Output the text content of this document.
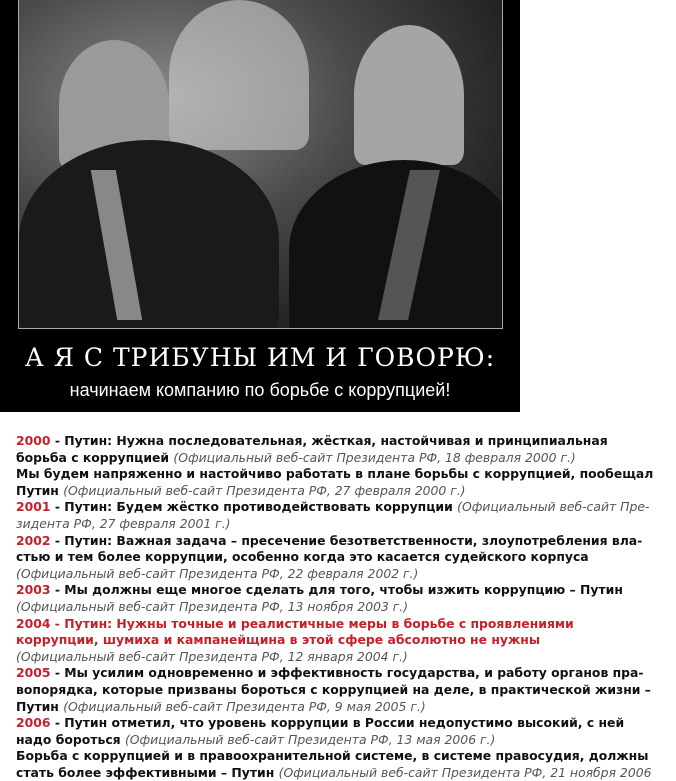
А Я С ТРИБУНЫ ИМ И ГОВОРЮ:
начинаем компанию по борьбе с коррупцией!
2000 - Путин: Нужна последовательная, жёсткая, настойчивая и принципиальная
борьба с коррупцией (Официальный веб-сайт Президента РФ, 18 февраля 2000 г.)
Мы будем напряженно и настойчиво работать в плане борьбы с коррупцией, пообещал
Путин (Официальный веб-сайт Президента РФ, 27 февраля 2000 г.)
2001 - Путин: Будем жёстко противодействовать коррупции (Официальный веб-сайт Пре-
зидента РФ, 27 февраля 2001 г.)
2002 - Путин: Важная задача – пресечение безответственности, злоупотребления вла-
стью и тем более коррупции, особенно когда это касается судейского корпуса
(Официальный веб-сайт Президента РФ, 22 февраля 2002 г.)
2003 - Мы должны еще многое сделать для того, чтобы изжить коррупцию – Путин
(Официальный веб-сайт Президента РФ, 13 ноября 2003 г.)
2004 - Путин: Нужны точные и реалистичные меры в борьбе с проявлениями
коррупции, шумиха и кампанейщина в этой сфере абсолютно не нужны
(Официальный веб-сайт Президента РФ, 12 января 2004 г.)
2005 - Мы усилим одновременно и эффективность государства, и работу органов пра-
вопорядка, которые призваны бороться с коррупцией на деле, в практической жизни –
Путин (Официальный веб-сайт Президента РФ, 9 мая 2005 г.)
2006 - Путин отметил, что уровень коррупции в России недопустимо высокий, с ней
надо бороться (Официальный веб-сайт Президента РФ, 13 мая 2006 г.)
Борьба с коррупцией и в правоохранительной системе, в системе правосудия, должны
стать более эффективными – Путин (Официальный веб-сайт Президента РФ, 21 ноября 2006
